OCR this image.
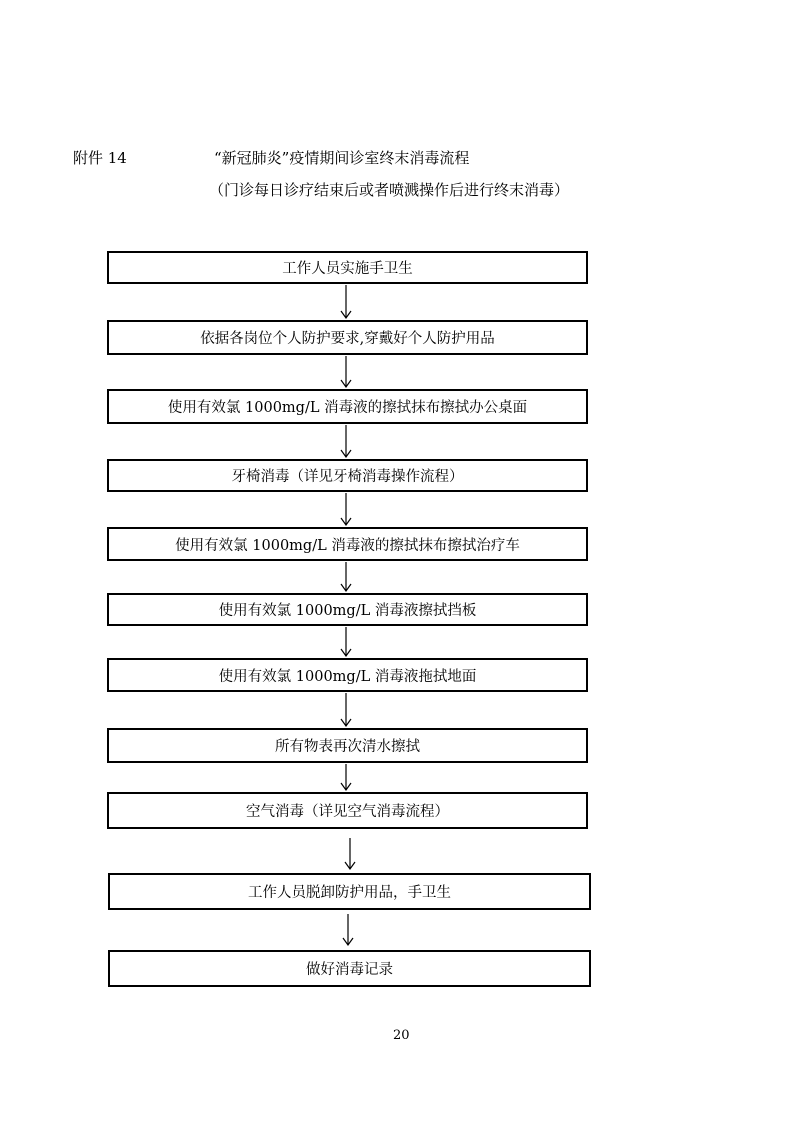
附件 14	“新冠肺炎”疫情期间诊室终末消毒流程
（门诊每日诊疗结束后或者喷溅操作后进行终末消毒）
工作人员实施手卫生
依据各岗位个人防护要求,穿戴好个人防护用品
使用有效氯 1000mg/L 消毒液的擦拭抹布擦拭办公桌面
牙椅消毒（详见牙椅消毒操作流程）
使用有效氯 1000mg/L 消毒液的擦拭抹布擦拭治疗车
使用有效氯 1000mg/L 消毒液擦拭挡板
使用有效氯 1000mg/L 消毒液拖拭地面
所有物表再次清水擦拭
空气消毒（详见空气消毒流程）
工作人员脱卸防护用品，手卫生
做好消毒记录
20
